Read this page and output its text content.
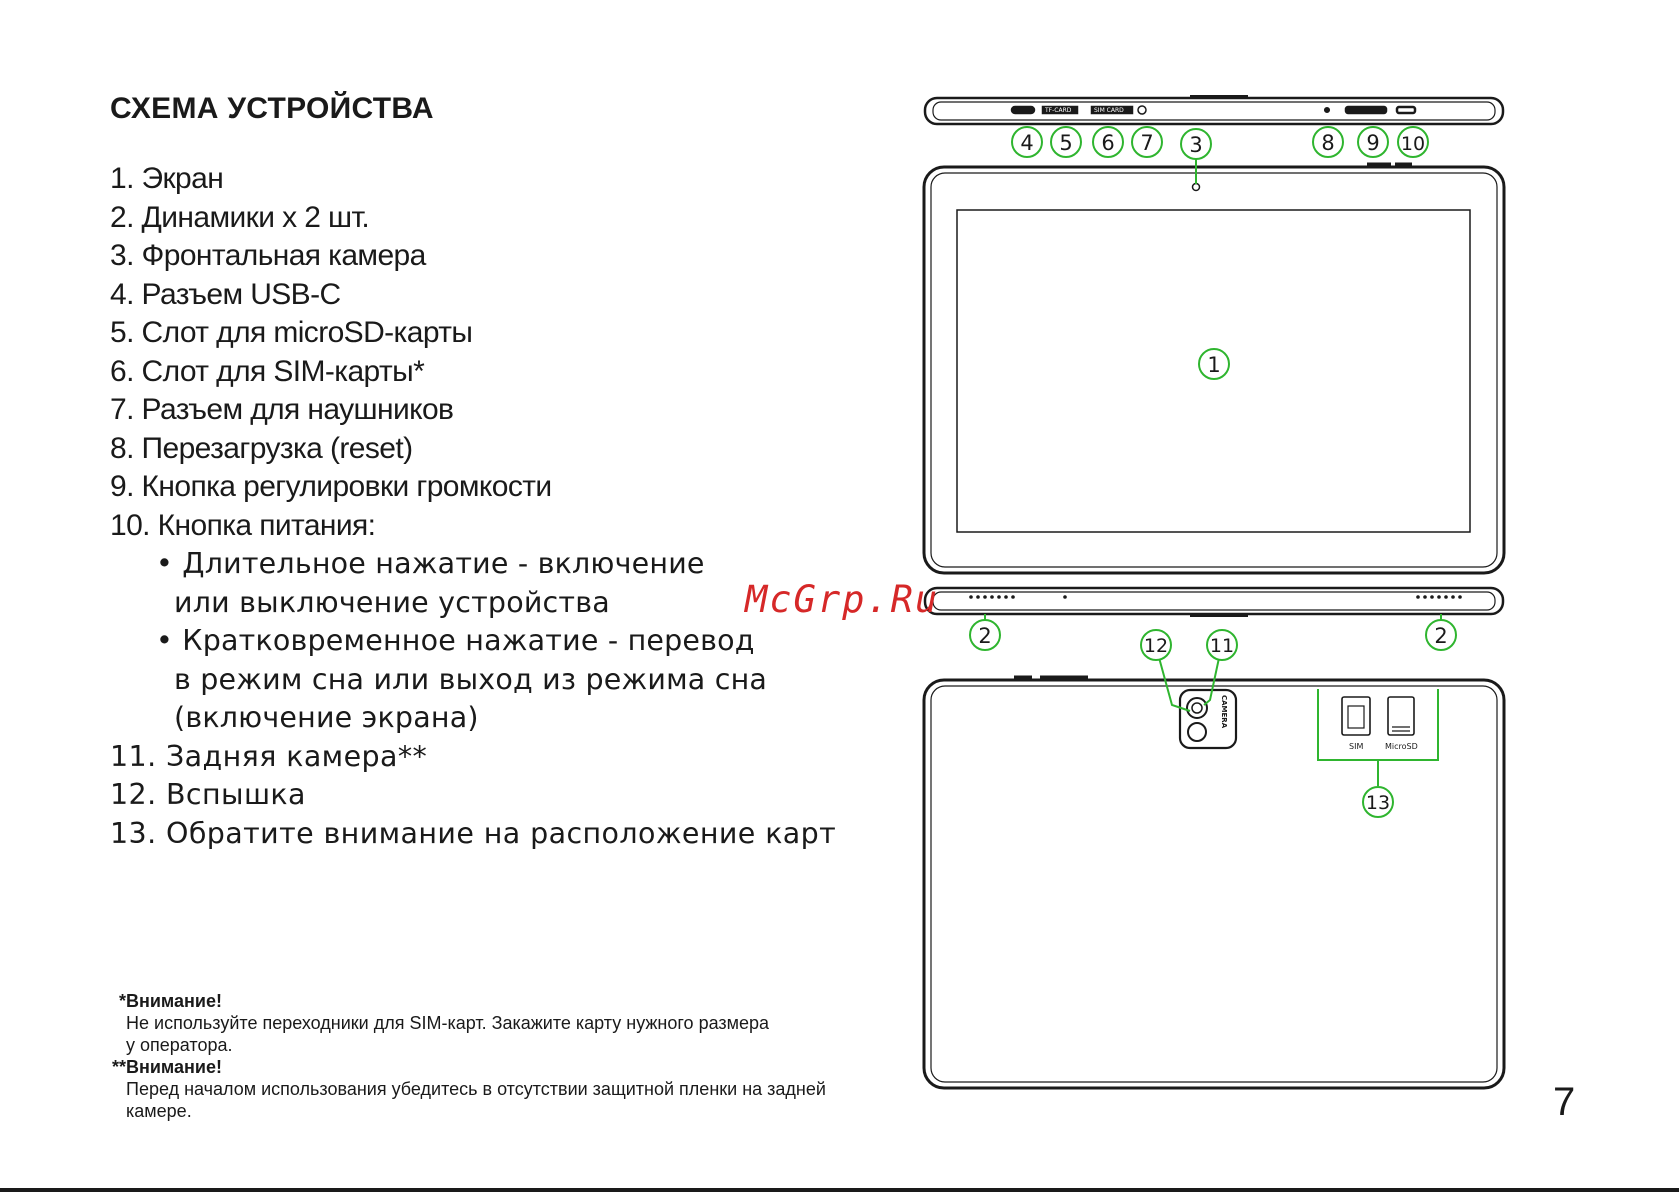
СХЕМА УСТРОЙСТВА
1. Экран
2. Динамики х 2 шт.
3. Фронтальная камера
4. Разъем USB-C
5. Слот для microSD-карты
6. Слот для SIM-карты*
7. Разъем для наушников
8. Перезагрузка (reset)
9. Кнопка регулировки громкости
10. Кнопка питания:
• Длительное нажатие - включение
или выключение устройства
• Кратковременное нажатие - перевод
в режим сна или выход из режима сна
(включение экрана)
11. Задняя камера**
12. Вспышка
13. Обратите внимание на расположение карт
*Внимание!
Не используйте переходники для SIM-карт. Закажите карту нужного размера
у оператора.
**Внимание!
Перед началом использования убедитесь в отсутствии защитной пленки на задней
камере.
TF-CARD	SIM CARD
CAMERA
SIM	MicroSD
1
2	2
3
4 5 6 7	8 9 10
11
12
13
McGrp.Ru
7
